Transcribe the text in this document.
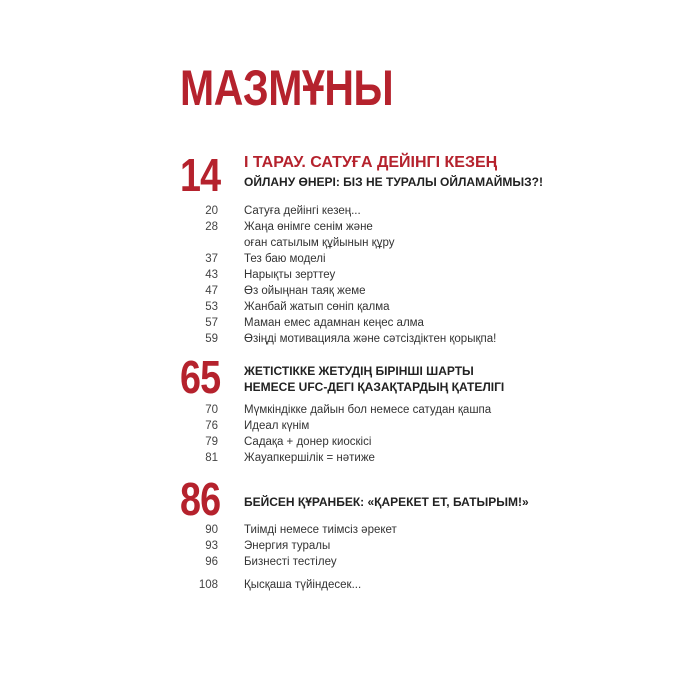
МАЗМҰНЫ
14 І ТАРАУ. САТУҒА ДЕЙІНГІ КЕЗЕҢ
ОЙЛАНУ ӨНЕРІ: БІЗ НЕ ТУРАЛЫ ОЙЛАМАЙМЫЗ?!
20 Сатуға дейінгі кезең...
28 Жаңа өнімге сенім және
оған сатылым құйынын құру
37 Тез баю моделі
43 Нарықты зерттеу
47 Өз ойыңнан таяқ жеме
53 Жанбай жатып сөніп қалма
57 Маман емес адамнан кеңес алма
59 Өзіңді мотивацияла және сәтсіздіктен қорықпа!
65 ЖЕТІСТІККЕ ЖЕТУДІҢ БІРІНШІ ШАРТЫ
НЕМЕСЕ UFC-ДЕГІ ҚАЗАҚТАРДЫҢ ҚАТЕЛІГІ
70 Мүмкіндікке дайын бол немесе сатудан қашпа
76 Идеал күнім
79 Садақа + донер киоскісі
81 Жауапкершілік = нәтиже
86 БЕЙСЕН ҚҰРАНБЕК: «ҚАРЕКЕТ ЕТ, БАТЫРЫМ!»
90 Тиімді немесе тиімсіз әрекет
93 Энергия туралы
96 Бизнесті тестілеу
108 Қысқаша түйіндесек...
